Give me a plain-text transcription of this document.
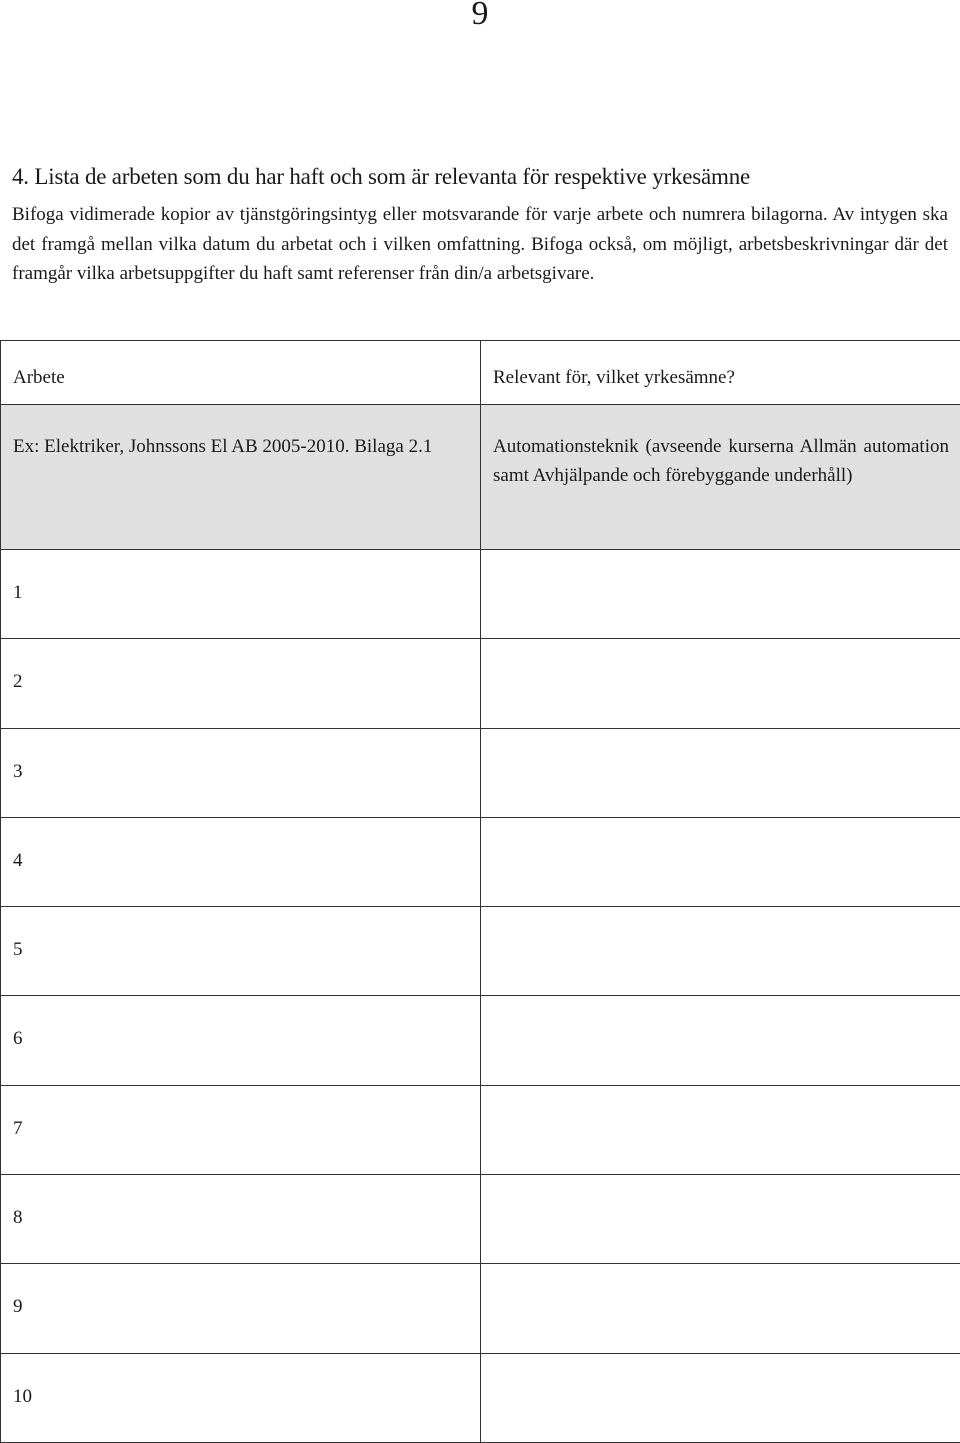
9
4. Lista de arbeten som du har haft och som är relevanta för respektive yrkesämne

Bifoga vidimerade kopior av tjänstgöringsintyg eller motsvarande för varje arbete och numrera bilagorna. Av intygen ska det framgå mellan vilka datum du arbetat och i vilken omfattning. Bifoga också, om möjligt, arbetsbeskrivningar där det framgår vilka arbetsuppgifter du haft samt referenser från din/a arbetsgivare.

Arbete	Relevant för, vilket yrkesämne?

Ex: Elektriker, Johnssons El AB 2005-2010. Bilaga 2.1	Automationsteknik (avseende kurserna Allmän automation samt Avhjälpande och förebyggande underhåll)

1	

2	

3	

4	

5	

6	

7	

8	

9	

10	
